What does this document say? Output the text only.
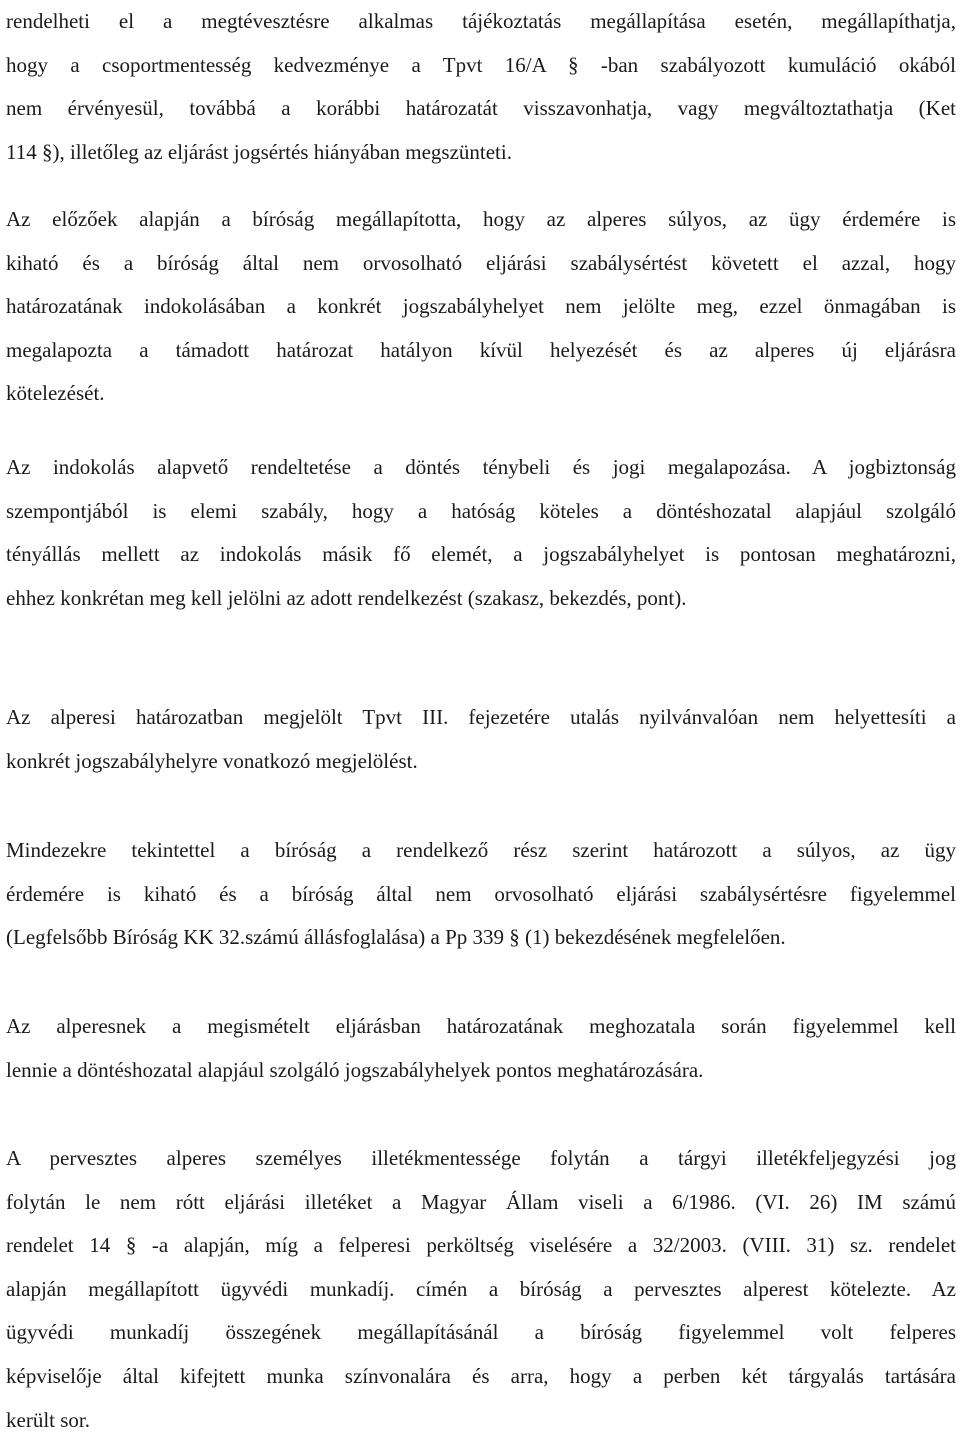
rendelheti el a megtévesztésre alkalmas tájékoztatás megállapítása esetén, megállapíthatja,
hogy a csoportmentesség kedvezménye a Tpvt 16/A § -ban szabályozott kumuláció okából
nem érvényesül, továbbá a korábbi határozatát visszavonhatja, vagy megváltoztathatja (Ket
114 §), illetőleg az eljárást jogsértés hiányában megszünteti.
Az előzőek alapján a bíróság megállapította, hogy az alperes súlyos, az ügy érdemére is
kiható és a bíróság által nem orvosolható eljárási szabálysértést követett el azzal, hogy
határozatának indokolásában a konkrét jogszabályhelyet nem jelölte meg, ezzel önmagában is
megalapozta a támadott határozat hatályon kívül helyezését és az alperes új eljárásra
kötelezését.
Az indokolás alapvető rendeltetése a döntés ténybeli és jogi megalapozása. A jogbiztonság
szempontjából is elemi szabály, hogy a hatóság köteles a döntéshozatal alapjául szolgáló
tényállás mellett az indokolás másik fő elemét, a jogszabályhelyet is pontosan meghatározni,
ehhez konkrétan meg kell jelölni az adott rendelkezést (szakasz, bekezdés, pont).
Az alperesi határozatban megjelölt Tpvt III. fejezetére utalás nyilvánvalóan nem helyettesíti a
konkrét jogszabályhelyre vonatkozó megjelölést.
Mindezekre tekintettel a bíróság a rendelkező rész szerint határozott a súlyos, az ügy
érdemére is kiható és a bíróság által nem orvosolható eljárási szabálysértésre figyelemmel
(Legfelsőbb Bíróság KK 32.számú állásfoglalása) a Pp 339 § (1) bekezdésének megfelelően.
Az alperesnek a megismételt eljárásban határozatának meghozatala során figyelemmel kell
lennie a döntéshozatal alapjául szolgáló jogszabályhelyek pontos meghatározására.
A pervesztes alperes személyes illetékmentessége folytán a tárgyi illetékfeljegyzési jog
folytán le nem rótt eljárási illetéket a Magyar Állam viseli a 6/1986. (VI. 26) IM számú
rendelet 14 § -a alapján, míg a felperesi perköltség viselésére a 32/2003. (VIII. 31) sz. rendelet
alapján megállapított ügyvédi munkadíj. címén a bíróság a pervesztes alperest kötelezte. Az
ügyvédi munkadíj összegének megállapításánál a bíróság figyelemmel volt felperes
képviselője által kifejtett munka színvonalára és arra, hogy a perben két tárgyalás tartására
került sor.
